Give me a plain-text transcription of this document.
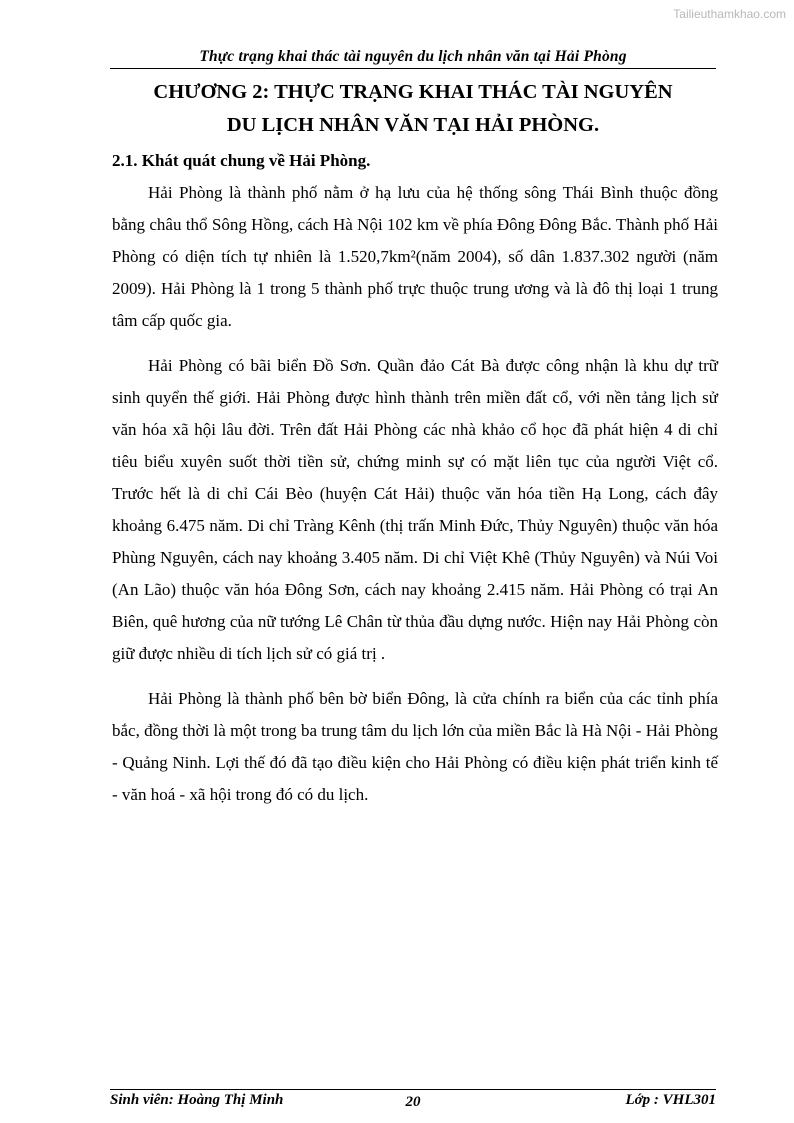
Tailieuthamkhao.com
Thực trạng khai thác tài nguyên du lịch nhân văn tại Hải Phòng
CHƯƠNG 2: THỰC TRẠNG KHAI THÁC TÀI NGUYÊN
DU LỊCH NHÂN VĂN TẠI HẢI PHÒNG.
2.1. Khát quát chung về Hải Phòng.

Hải Phòng là thành phố nằm ở hạ lưu của hệ thống sông Thái Bình thuộc đồng bằng châu thổ Sông Hồng, cách Hà Nội 102 km về phía Đông Đông Bắc. Thành phố Hải Phòng có diện tích tự nhiên là 1.520,7km²(năm 2004), số dân 1.837.302 người (năm 2009). Hải Phòng là 1 trong 5 thành phố trực thuộc trung ương và là đô thị loại 1 trung tâm cấp quốc gia.

Hải Phòng có bãi biển Đồ Sơn. Quần đảo Cát Bà được công nhận là khu dự trữ sinh quyển thế giới. Hải Phòng được hình thành trên miền đất cổ, với nền tảng lịch sử văn hóa xã hội lâu đời. Trên đất Hải Phòng các nhà khảo cổ học đã phát hiện 4 di chỉ tiêu biểu xuyên suốt thời tiền sử, chứng minh sự có mặt liên tục của người Việt cổ. Trước hết là di chỉ Cái Bèo (huyện Cát Hải) thuộc văn hóa tiền Hạ Long, cách đây khoảng 6.475 năm. Di chỉ Tràng Kênh (thị trấn Minh Đức, Thủy Nguyên) thuộc văn hóa Phùng Nguyên, cách nay khoảng 3.405 năm. Di chỉ Việt Khê (Thủy Nguyên) và Núi Voi (An Lão) thuộc văn hóa Đông Sơn, cách nay khoảng 2.415 năm. Hải Phòng có trại An Biên, quê hương của nữ tướng Lê Chân từ thủa đầu dựng nước. Hiện nay Hải Phòng còn giữ được nhiều di tích lịch sử có giá trị .

Hải Phòng là thành phố bên bờ biển Đông, là cửa chính ra biển của các tỉnh phía bắc, đồng thời là một trong ba trung tâm du lịch lớn của miền Bắc là Hà Nội - Hải Phòng - Quảng Ninh. Lợi thế đó đã tạo điều kiện cho Hải Phòng có điều kiện phát triển kinh tế - văn hoá - xã hội trong đó có du lịch.

Sinh viên: Hoàng Thị Minh	20	Lớp : VHL301
